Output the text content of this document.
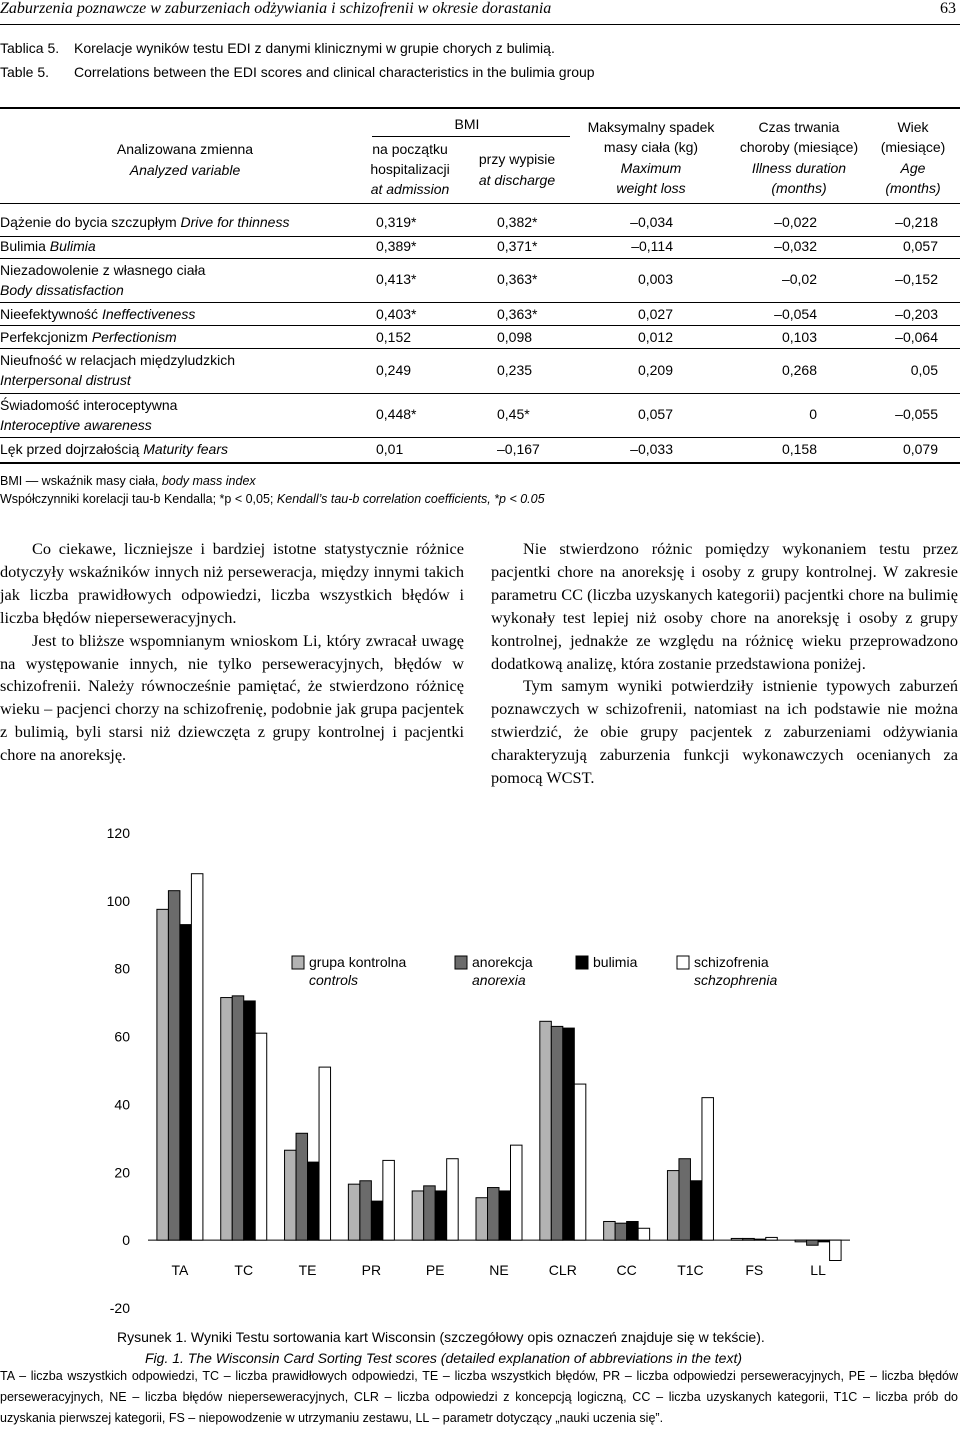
Zaburzenia poznawcze w zaburzeniach odżywiania i schizofrenii w okresie dorastania	63
Tablica 5. Korelacje wyników testu EDI z danymi klinicznymi w grupie chorych z bulimią.
Table 5. Correlations between the EDI scores and clinical characteristics in the bulimia group
Analizowana zmienna
Analyzed variable
BMI
na początku
hospitalizacji
at admission
przy wypisie
at discharge
Maksymalny spadek
masy ciała (kg)
Maximum
weight loss
Czas trwania
choroby (miesiące)
Illness duration
(months)
Wiek
(miesiące)
Age
(months)
Dążenie do bycia szczupłym Drive for thinness	0,319*	0,382*	–0,034	–0,022	–0,218
Bulimia Bulimia	0,389*	0,371*	–0,114	–0,032	0,057
Niezadowolenie z własnego ciała
Body dissatisfaction
0,413*	0,363*	0,003	–0,02	–0,152
Nieefektywność Ineffectiveness	0,403*	0,363*	0,027	–0,054	–0,203
Perfekcjonizm Perfectionism	0,152	0,098	0,012	0,103	–0,064
Nieufność w relacjach międzyludzkich
Interpersonal distrust
0,249	0,235	0,209	0,268	0,05
Świadomość interoceptywna
Interoceptive awareness
0,448*	0,45*	0,057	0	–0,055
Lęk przed dojrzałością Maturity fears	0,01	–0,167	–0,033	0,158	0,079
BMI — wskaźnik masy ciała, body mass index
Współczynniki korelacji tau-b Kendalla; *p < 0,05; Kendall’s tau-b correlation coefficients, *p < 0.05

Co ciekawe, liczniejsze i bardziej istotne statystycznie różnice dotyczyły wskaźników innych niż perseweracja, między innymi takich jak liczba prawidłowych odpowiedzi, liczba wszystkich błędów i liczba błędów nieperseweracyjnych.

Jest to bliższe wspomnianym wnioskom Li, który zwracał uwagę na występowanie innych, nie tylko perseweracyjnych, błędów w schizofrenii. Należy równocześnie pamiętać, że stwierdzono różnicę wieku – pacjenci chorzy na schizofrenię, podobnie jak grupa pacjentek z bulimią, byli starsi niż dziewczęta z grupy kontrolnej i pacjentki chore na anoreksję.

Nie stwierdzono różnic pomiędzy wykonaniem testu przez pacjentki chore na anoreksję i osoby z grupy kontrolnej. W zakresie parametru CC (liczba uzyskanych kategorii) pacjentki chore na bulimię wykonały test lepiej niż osoby chore na anoreksję i osoby z grupy kontrolnej, jednakże ze względu na różnicę wieku przeprowadzono dodatkową analizę, która zostanie przedstawiona poniżej.

Tym samym wyniki potwierdziły istnienie typowych zaburzeń poznawczych w schizofrenii, natomiast na ich podstawie nie można stwierdzić, że obie grupy pacjentek z zaburzeniami odżywiania charakteryzują zaburzenia funkcji wykonawczych ocenianych za pomocą WCST.

-20
0
20
40
60
80
100
120
TA	TC	TE	PR	PE	NE	CLR	CC	T1C	FS	LL
grupa kontrolna
controls
anorekcja
anorexia
bulimia	schizofrenia
schzophrenia
Rysunek 1. Wyniki Testu sortowania kart Wisconsin (szczegółowy opis oznaczeń znajduje się w tekście).
Fig. 1. The Wisconsin Card Sorting Test scores (detailed explanation of abbreviations in the text)
TA – liczba wszystkich odpowiedzi, TC – liczba prawidłowych odpowiedzi, TE – liczba wszystkich błędów, PR – liczba odpowiedzi perseweracyjnych, PE – liczba błędów perseweracyjnych, NE – liczba błędów nieperseweracyjnych, CLR – liczba odpowiedzi z koncepcją logiczną, CC – liczba uzyskanych kategorii, T1C – liczba prób do uzyskania pierwszej kategorii, FS – niepowodzenie w utrzymaniu zestawu, LL – parametr dotyczący „nauki uczenia się”.
